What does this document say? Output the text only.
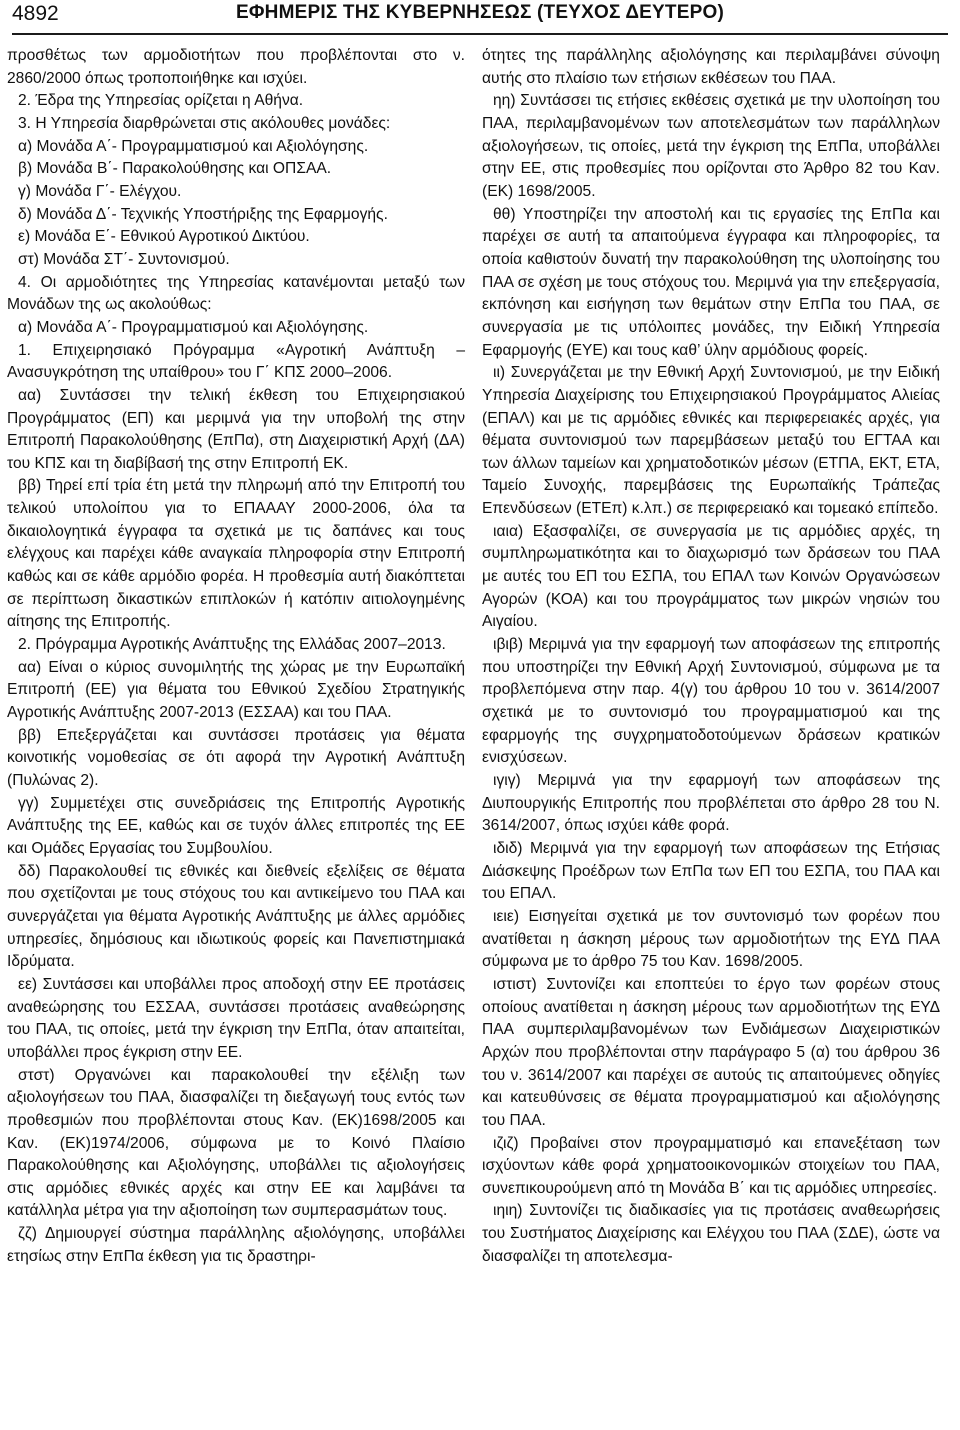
4892	ΕΦΗΜΕΡΙΣ ΤΗΣ ΚΥΒΕΡΝΗΣΕΩΣ (ΤΕΥΧΟΣ ΔΕΥΤΕΡΟ)

προσθέτως των αρμοδιοτήτων που προβλέπονται στο ν. 2860/2000 όπως τροποποιήθηκε και ισχύει.

2. Έδρα της Υπηρεσίας ορίζεται η Αθήνα.

3. Η Υπηρεσία διαρθρώνεται στις ακόλουθες μονάδες:

α) Μονάδα Α΄- Προγραμματισμού και Αξιολόγησης.

β) Μονάδα Β΄- Παρακολούθησης και ΟΠΣΑΑ.

γ) Μονάδα Γ΄- Ελέγχου.

δ) Μονάδα Δ΄- Τεχνικής Υποστήριξης της Εφαρμογής.

ε) Μονάδα Ε΄- Εθνικού Αγροτικού Δικτύου.

στ) Μονάδα ΣΤ΄- Συντονισμού.

4. Οι αρμοδιότητες της Υπηρεσίας κατανέμονται μεταξύ των Μονάδων της ως ακολούθως:

α) Μονάδα Α΄- Προγραμματισμού και Αξιολόγησης.

1. Επιχειρησιακό Πρόγραμμα «Αγροτική Ανάπτυξη – Ανασυγκρότηση της υπαίθρου» του Γ΄ ΚΠΣ 2000–2006.

αα) Συντάσσει την τελική έκθεση του Επιχειρησιακού Προγράμματος (ΕΠ) και μεριμνά για την υποβολή της στην Επιτροπή Παρακολούθησης (ΕπΠα), στη Διαχειριστική Αρχή (ΔΑ) του ΚΠΣ και τη διαβίβασή της στην Επιτροπή ΕΚ.

ββ) Τηρεί επί τρία έτη μετά την πληρωμή από την Επιτροπή του τελικού υπολοίπου για το ΕΠΑΑΑΥ 2000-2006, όλα τα δικαιολογητικά έγγραφα τα σχετικά με τις δαπάνες και τους ελέγχους και παρέχει κάθε αναγκαία πληροφορία στην Επιτροπή καθώς και σε κάθε αρμόδιο φορέα. Η προθεσμία αυτή διακόπτεται σε περίπτωση δικαστικών επιπλοκών ή κατόπιν αιτιολογημένης αίτησης της Επιτροπής.

2. Πρόγραμμα Αγροτικής Ανάπτυξης της Ελλάδας 2007–2013.

αα) Είναι ο κύριος συνομιλητής της χώρας με την Ευρωπαϊκή Επιτροπή (ΕΕ) για θέματα του Εθνικού Σχεδίου Στρατηγικής Αγροτικής Ανάπτυξης 2007-2013 (ΕΣΣΑΑ) και του ΠΑΑ.

ββ) Επεξεργάζεται και συντάσσει προτάσεις για θέματα κοινοτικής νομοθεσίας σε ότι αφορά την Αγροτική Ανάπτυξη (Πυλώνας 2).

γγ) Συμμετέχει στις συνεδριάσεις της Επιτροπής Αγροτικής Ανάπτυξης της ΕΕ, καθώς και σε τυχόν άλλες επιτροπές της ΕΕ και Ομάδες Εργασίας του Συμβουλίου.

δδ) Παρακολουθεί τις εθνικές και διεθνείς εξελίξεις σε θέματα που σχετίζονται με τους στόχους του και αντικείμενο του ΠΑΑ και συνεργάζεται για θέματα Αγροτικής Ανάπτυξης με άλλες αρμόδιες υπηρεσίες, δημόσιους και ιδιωτικούς φορείς και Πανεπιστημιακά Ιδρύματα.

εε) Συντάσσει και υποβάλλει προς αποδοχή στην ΕΕ προτάσεις αναθεώρησης του ΕΣΣΑΑ, συντάσσει προτάσεις αναθεώρησης του ΠΑΑ, τις οποίες, μετά την έγκριση την ΕπΠα, όταν απαιτείται, υποβάλλει προς έγκριση στην ΕΕ.

στστ) Οργανώνει και παρακολουθεί την εξέλιξη των αξιολογήσεων του ΠΑΑ, διασφαλίζει τη διεξαγωγή τους εντός των προθεσμιών που προβλέπονται στους Καν. (ΕΚ)1698/2005 και Καν. (ΕΚ)1974/2006, σύμφωνα με το Κοινό Πλαίσιο Παρακολούθησης και Αξιολόγησης, υποβάλλει τις αξιολογήσεις στις αρμόδιες εθνικές αρχές και στην ΕΕ και λαμβάνει τα κατάλληλα μέτρα για την αξιοποίηση των συμπερασμάτων τους.

ζζ) Δημιουργεί σύστημα παράλληλης αξιολόγησης, υποβάλλει ετησίως στην ΕπΠα έκθεση για τις δραστηρι-

ότητες της παράλληλης αξιολόγησης και περιλαμβάνει σύνοψη αυτής στο πλαίσιο των ετήσιων εκθέσεων του ΠΑΑ.

ηη) Συντάσσει τις ετήσιες εκθέσεις σχετικά με την υλοποίηση του ΠΑΑ, περιλαμβανομένων των αποτελεσμάτων των παράλληλων αξιολογήσεων, τις οποίες, μετά την έγκριση της ΕπΠα, υποβάλλει στην ΕΕ, στις προθεσμίες που ορίζονται στο Άρθρο 82 του Καν. (ΕΚ) 1698/2005.

θθ) Υποστηρίζει την αποστολή και τις εργασίες της ΕπΠα και παρέχει σε αυτή τα απαιτούμενα έγγραφα και πληροφορίες, τα οποία καθιστούν δυνατή την παρακολούθηση της υλοποίησης του ΠΑΑ σε σχέση με τους στόχους του. Μεριμνά για την επεξεργασία, εκπόνηση και εισήγηση των θεμάτων στην ΕπΠα του ΠΑΑ, σε συνεργασία με τις υπόλοιπες μονάδες, την Ειδική Υπηρεσία Εφαρμογής (ΕΥΕ) και τους καθ’ ύλην αρμόδιους φορείς.

ιι) Συνεργάζεται με την Εθνική Αρχή Συντονισμού, με την Ειδική Υπηρεσία Διαχείρισης του Επιχειρησιακού Προγράμματος Αλιείας (ΕΠΑΛ) και με τις αρμόδιες εθνικές και περιφερειακές αρχές, για θέματα συντονισμού των παρεμβάσεων μεταξύ του ΕΓΤΑΑ και των άλλων ταμείων και χρηματοδοτικών μέσων (ΕΤΠΑ, ΕΚΤ, ΕΤΑ, Ταμείο Συνοχής, παρεμβάσεις της Ευρωπαϊκής Τράπεζας Επενδύσεων (ΕΤΕπ) κ.λπ.) σε περιφερειακό και τομεακό επίπεδο.

ιαια) Εξασφαλίζει, σε συνεργασία με τις αρμόδιες αρχές, τη συμπληρωματικότητα και το διαχωρισμό των δράσεων του ΠΑΑ με αυτές του ΕΠ του ΕΣΠΑ, του ΕΠΑΛ των Κοινών Οργανώσεων Αγορών (ΚΟΑ) και του προγράμματος των μικρών νησιών του Αιγαίου.

ιβιβ) Μεριμνά για την εφαρμογή των αποφάσεων της επιτροπής που υποστηρίζει την Εθνική Αρχή Συντονισμού, σύμφωνα με τα προβλεπόμενα στην παρ. 4(γ) του άρθρου 10 του ν. 3614/2007 σχετικά με το συντονισμό του προγραμματισμού και της εφαρμογής της συγχρηματοδοτούμενων δράσεων κρατικών ενισχύσεων.

ιγιγ) Μεριμνά για την εφαρμογή των αποφάσεων της Διυπουργικής Επιτροπής που προβλέπεται στο άρθρο 28 του Ν. 3614/2007, όπως ισχύει κάθε φορά.

ιδιδ) Μεριμνά για την εφαρμογή των αποφάσεων της Ετήσιας Διάσκεψης Προέδρων των ΕπΠα των ΕΠ του ΕΣΠΑ, του ΠΑΑ και του ΕΠΑΛ.

ιειε) Εισηγείται σχετικά με τον συντονισμό των φορέων που ανατίθεται η άσκηση μέρους των αρμοδιοτήτων της ΕΥΔ ΠΑΑ σύμφωνα με το άρθρο 75 του Καν. 1698/2005.

ιστιστ) Συντονίζει και εποπτεύει το έργο των φορέων στους οποίους ανατίθεται η άσκηση μέρους των αρμοδιοτήτων της ΕΥΔ ΠΑΑ συμπεριλαμβανομένων των Ενδιάμεσων Διαχειριστικών Αρχών που προβλέπονται στην παράγραφο 5 (α) του άρθρου 36 του ν. 3614/2007 και παρέχει σε αυτούς τις απαιτούμενες οδηγίες και κατευθύνσεις σε θέματα προγραμματισμού και αξιολόγησης του ΠΑΑ.

ιζιζ) Προβαίνει στον προγραμματισμό και επανεξέταση των ισχύοντων κάθε φορά χρηματοοικονομικών στοιχείων του ΠΑΑ, συνεπικουρούμενη από τη Μονάδα Β΄ και τις αρμόδιες υπηρεσίες.

ιηιη) Συντονίζει τις διαδικασίες για τις προτάσεις αναθεωρήσεις του Συστήματος Διαχείρισης και Ελέγχου του ΠΑΑ (ΣΔΕ), ώστε να διασφαλίζει τη αποτελεσμα-
